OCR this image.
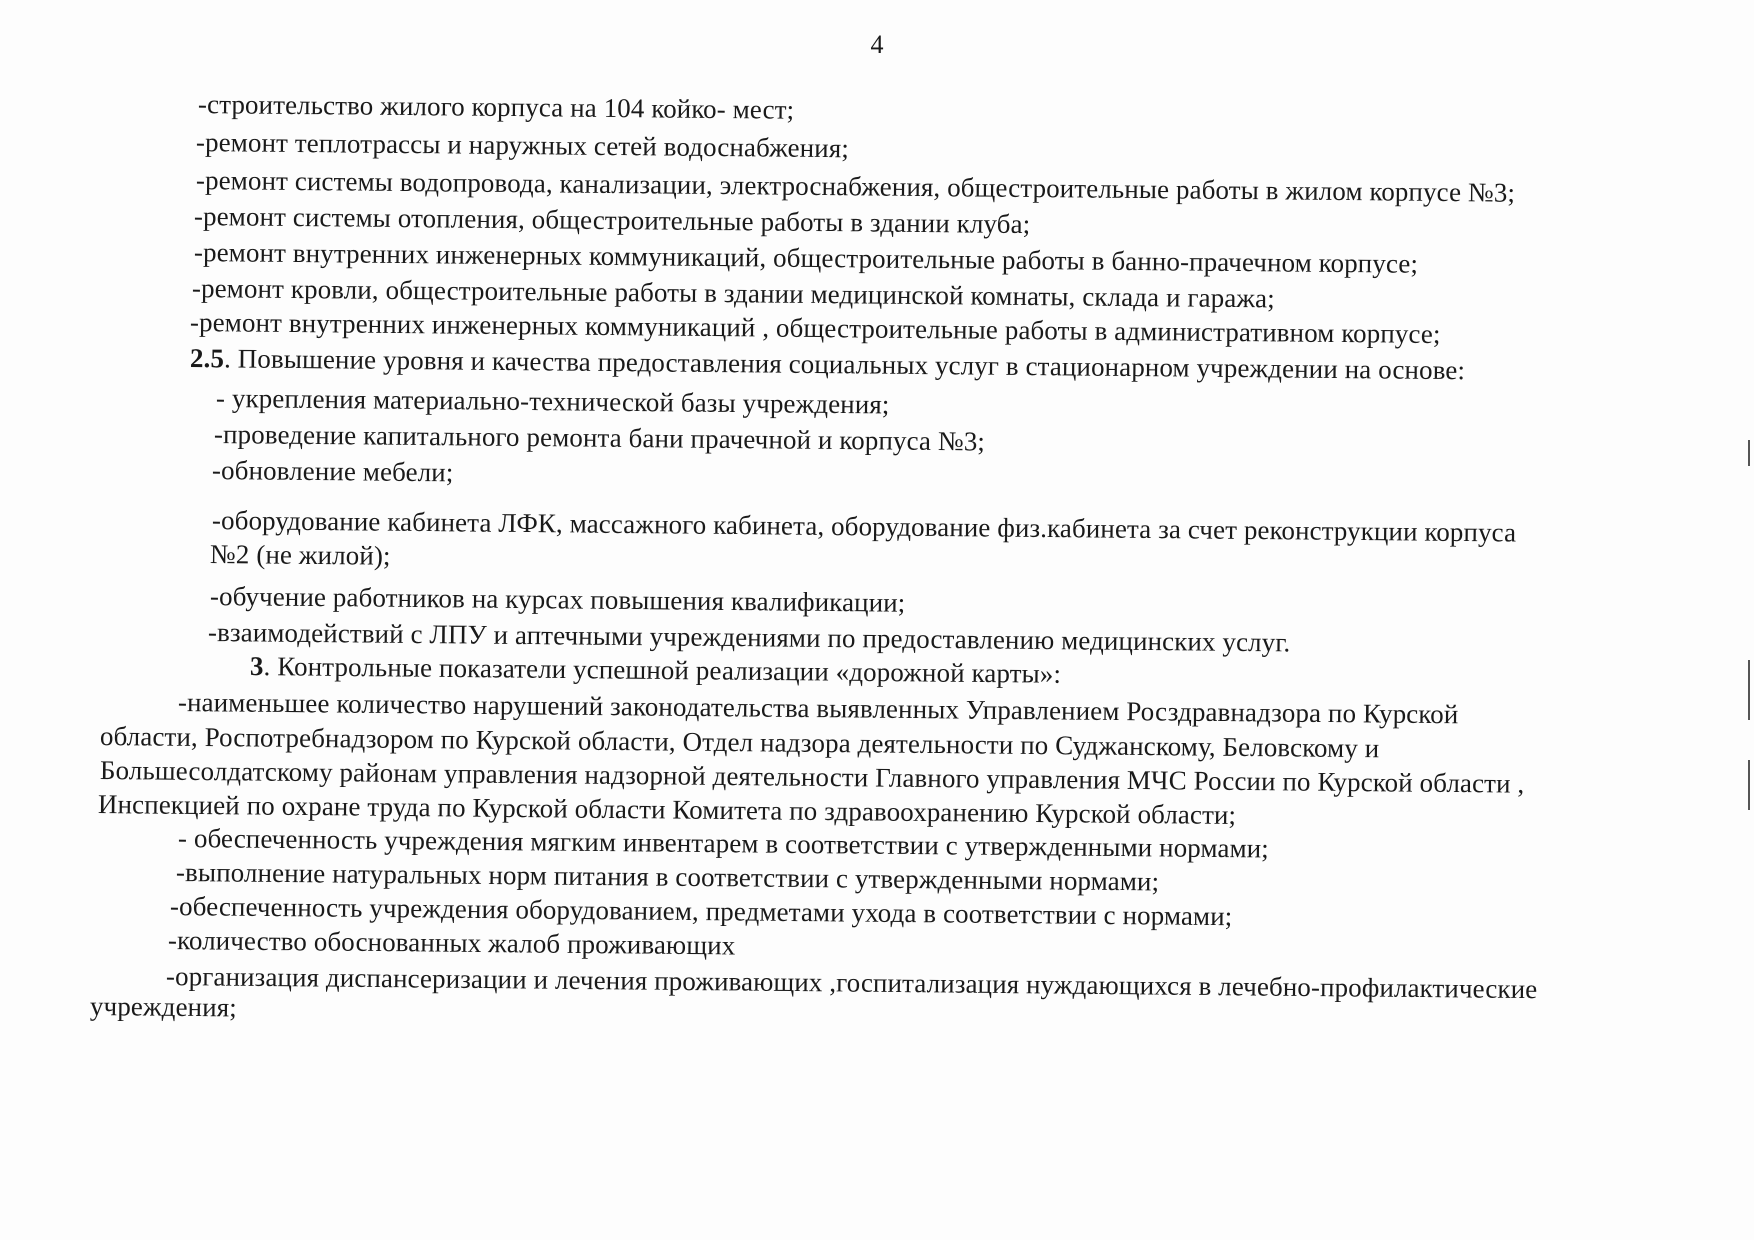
4
-строительство жилого корпуса на 104 койко- мест;
-ремонт теплотрассы и наружных сетей водоснабжения;
-ремонт системы водопровода, канализации, электроснабжения, общестроительные работы в жилом корпусе №3;
-ремонт системы отопления, общестроительные работы в здании клуба;
-ремонт внутренних инженерных коммуникаций, общестроительные работы в банно-прачечном корпусе;
-ремонт кровли, общестроительные работы в здании медицинской комнаты, склада и гаража;
-ремонт внутренних инженерных коммуникаций , общестроительные работы в административном корпусе;
2.5. Повышение уровня и качества предоставления социальных услуг в стационарном учреждении на основе:
- укрепления материально-технической базы учреждения;
-проведение капитального ремонта бани прачечной и корпуса №3;
-обновление мебели;
-оборудование кабинета ЛФК, массажного кабинета, оборудование физ.кабинета за счет реконструкции корпуса
№2 (не жилой);
-обучение работников на курсах повышения квалификации;
-взаимодействий с ЛПУ и аптечными учреждениями по предоставлению медицинских услуг.
3. Контрольные показатели успешной реализации «дорожной карты»:
-наименьшее количество нарушений законодательства выявленных Управлением Росздравнадзора по Курской
области, Роспотребнадзором по Курской области, Отдел надзора деятельности по Суджанскому, Беловскому и
Большесолдатскому районам управления надзорной деятельности Главного управления МЧС России по Курской области ,
Инспекцией по охране труда по Курской области Комитета по здравоохранению Курской области;
- обеспеченность учреждения мягким инвентарем в соответствии с утвержденными нормами;
-выполнение натуральных норм питания в соответствии с утвержденными нормами;
-обеспеченность учреждения оборудованием, предметами ухода в соответствии с нормами;
-количество обоснованных жалоб проживающих
-организация диспансеризации и лечения проживающих ,госпитализация нуждающихся в лечебно-профилактические
учреждения;
